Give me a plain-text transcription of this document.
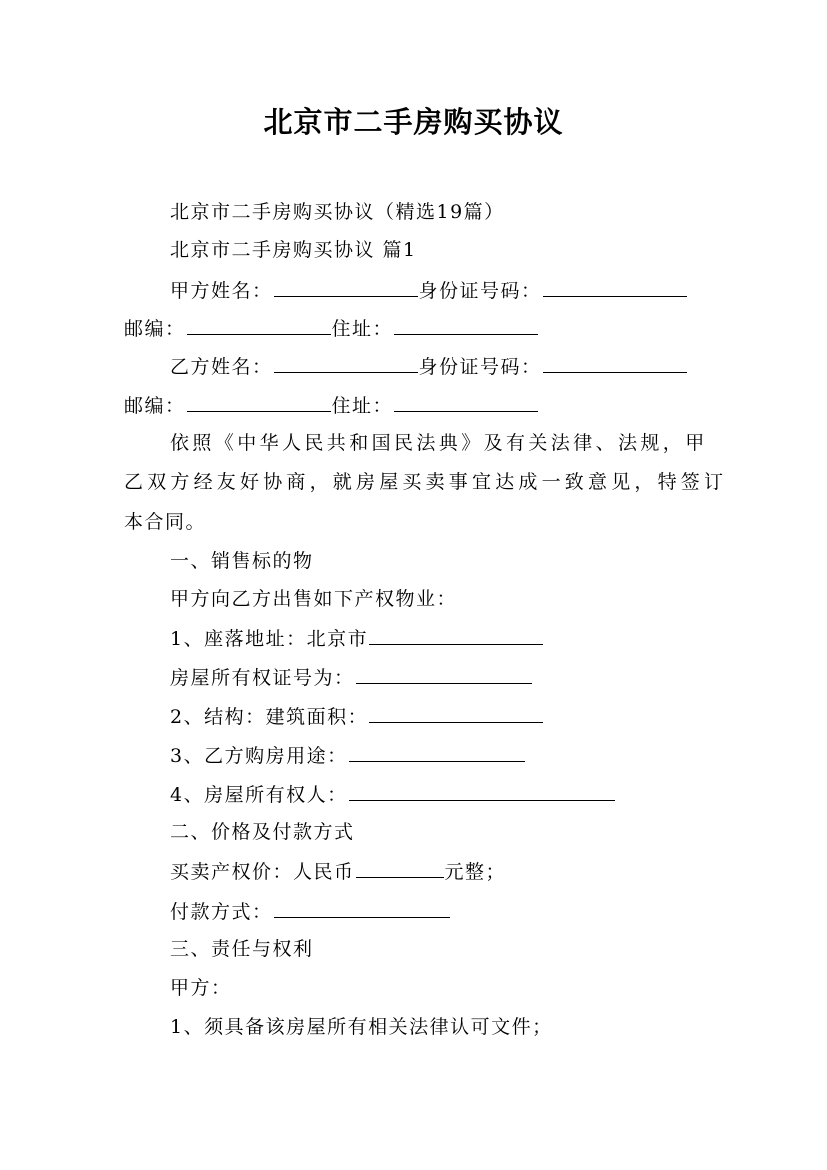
北京市二手房购买协议
北京市二手房购买协议（精选19篇）
北京市二手房购买协议 篇1
甲方姓名：	身份证号码：
邮编：	住址：
乙方姓名：	身份证号码：
邮编：	住址：
依照《中华人民共和国民法典》及有关法律、法规，甲
乙双方经友好协商，就房屋买卖事宜达成一致意见，特签订
本合同。
一、销售标的物
甲方向乙方出售如下产权物业：
1、座落地址：北京市
房屋所有权证号为：
2、结构：建筑面积：
3、乙方购房用途：
4、房屋所有权人：
二、价格及付款方式
买卖产权价：人民币	元整；
付款方式：
三、责任与权利
甲方：
1、须具备该房屋所有相关法律认可文件；
